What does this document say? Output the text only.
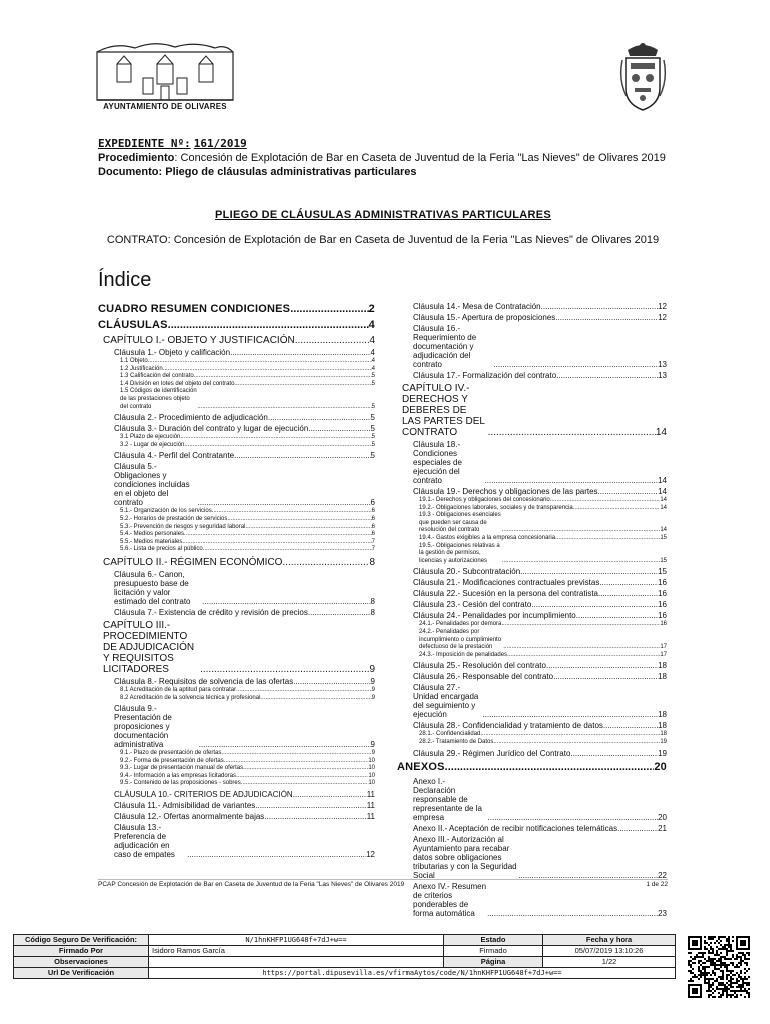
AYUNTAMIENTO DE OLIVARES
EXPEDIENTE Nº: 161/2019
Procedimiento: Concesión de Explotación de Bar en Caseta de Juventud de la Feria "Las Nieves" de Olivares 2019
Documento: Pliego de cláusulas administrativas particulares
PLIEGO DE CLÁUSULAS ADMINISTRATIVAS PARTICULARES
CONTRATO: Concesión de Explotación de Bar en Caseta de Juventud de la Feria "Las Nieves" de Olivares 2019
Índice
CUADRO RESUMEN CONDICIONES .....	2
CLÁUSULAS .....	4
CAPÍTULO I.- OBJETO Y JUSTIFICACIÓN .....	4
Cláusula 1.- Objeto y calificación .....	4
1.1 Objeto .....	4
1.2 Justificación .....	4
1.3 Calificación del contrato .....	5
1.4 División en lotes del objeto del contrato .....	5
1.5 Códigos de identificación de las prestaciones objeto del contrato .....	5
Cláusula 2.- Procedimiento de adjudicación .....	5
Cláusula 3.- Duración del contrato y lugar de ejecución .....	5
3.1 Plazo de ejecución .....	5
3.2 - Lugar de ejecución .....	5
Cláusula 4.- Perfil del Contratante .....	5
Cláusula 5.- Obligaciones y condiciones incluidas en el objeto del contrato .....	6
5.1.- Organización de los servicios .....	6
5.2.- Horarios de prestación de servicios .....	6
5.3.- Prevención de riesgos y seguridad laboral .....	6
5.4.- Medios personales .....	6
5.5.- Medios materiales .....	7
5.6.- Lista de precios al público .....	7
CAPÍTULO II.- RÉGIMEN ECONÓMICO .....	8
Cláusula 6.- Canon, presupuesto base de licitación y valor estimado del contrato .....	8
Cláusula 7.- Existencia de crédito y revisión de precios .....	8
CAPÍTULO III.- PROCEDIMIENTO DE ADJUDICACIÓN Y REQUISITOS LICITADORES .....	9
Cláusula 8.- Requisitos de solvencia de las ofertas .....	9
8.1 Acreditación de la aptitud para contratar .....	9
8.2 Acreditación de la solvencia técnica y profesional .....	9
Cláusula 9.- Presentación de proposiciones y documentación administrativa .....	9
9.1.- Plazo de presentación de ofertas .....	9
9.2.- Forma de presentación de ofertas .....	10
9.3.- Lugar de presentación manual de ofertas .....	10
9.4.- Información a las empresas licitadoras .....	10
9.5.- Contenido de las proposiciones - sobres .....	10
CLÁUSULA 10.- CRITERIOS DE ADJUDICACIÓN .....	11
Cláusula 11.- Admisibilidad de variantes .....	11
Cláusula 12.- Ofertas anormalmente bajas .....	11
Cláusula 13.- Preferencia de adjudicación en caso de empates .....	12
Cláusula 14.- Mesa de Contratación .....	12
Cláusula 15.- Apertura de proposiciones .....	12
Cláusula 16.- Requerimiento de documentación y adjudicación del contrato .....	13
Cláusula 17.- Formalización del contrato .....	13
CAPÍTULO IV.- DERECHOS Y DEBERES DE LAS PARTES DEL CONTRATO .....	14
Cláusula 18.- Condiciones especiales de ejecución del contrato .....	14
Cláusula 19.- Derechos y obligaciones de las partes .....	14
19.1.- Derechos y obligaciones del concesionario .....	14
19.2.- Obligaciones laborales, sociales y de transparencia .....	14
19.3 - Obligaciones esenciales que pueden ser causa de resolución del contrato .....	14
19.4.- Gastos exigibles a la empresa concesionaria .....	15
19.5.- Obligaciones relativas a la gestión de permisos, licencias y autorizaciones .....	15
Cláusula 20.- Subcontratación .....	15
Cláusula 21.- Modificaciones contractuales previstas .....	16
Cláusula 22.- Sucesión en la persona del contratista .....	16
Cláusula 23.- Cesión del contrato .....	16
Cláusula 24.- Penalidades por incumplimiento .....	16
24.1.- Penalidades por demora .....	16
24.2.- Penalidades por incumplimiento o cumplimiento defectuoso de la prestación .....	17
24.3.- Imposición de penalidades .....	17
Cláusula 25.- Resolución del contrato .....	18
Cláusula 26.- Responsable del contrato .....	18
Cláusula 27.- Unidad encargada del seguimiento y ejecución .....	18
Cláusula 28.- Confidencialidad y tratamiento de datos .....	18
28.1.- Confidencialidad .....	18
28.2.- Tratamiento de Datos .....	19
Cláusula 29.- Régimen Jurídico del Contrato .....	19
ANEXOS .....	20
Anexo I.- Declaración responsable de representante de la empresa .....	20
Anexo II.- Aceptación de recibir notificaciones telemáticas .....	21
Anexo III.- Autorización al Ayuntamiento para recabar datos sobre obligaciones tributarias y con la Seguridad Social .....	22
Anexo IV.- Resumen de criterios ponderables de forma automática .....	23
PCAP Concesión de Explotación de Bar en Caseta de Juventud de la Feria "Las Nieves" de Olivares 2019	1 de 22
Código Seguro De Verificación:	N/1hnKHFP1UG648f+7dJ+w==	Estado	Fecha y hora
Firmado Por	Isidoro Ramos García	Firmado	05/07/2019 13:10:26
Observaciones		Página	1/22
Url De Verificación	https://portal.dipusevilla.es/vfirmaAytos/code/N/1hnKHFP1UG648f+7dJ+w==		
